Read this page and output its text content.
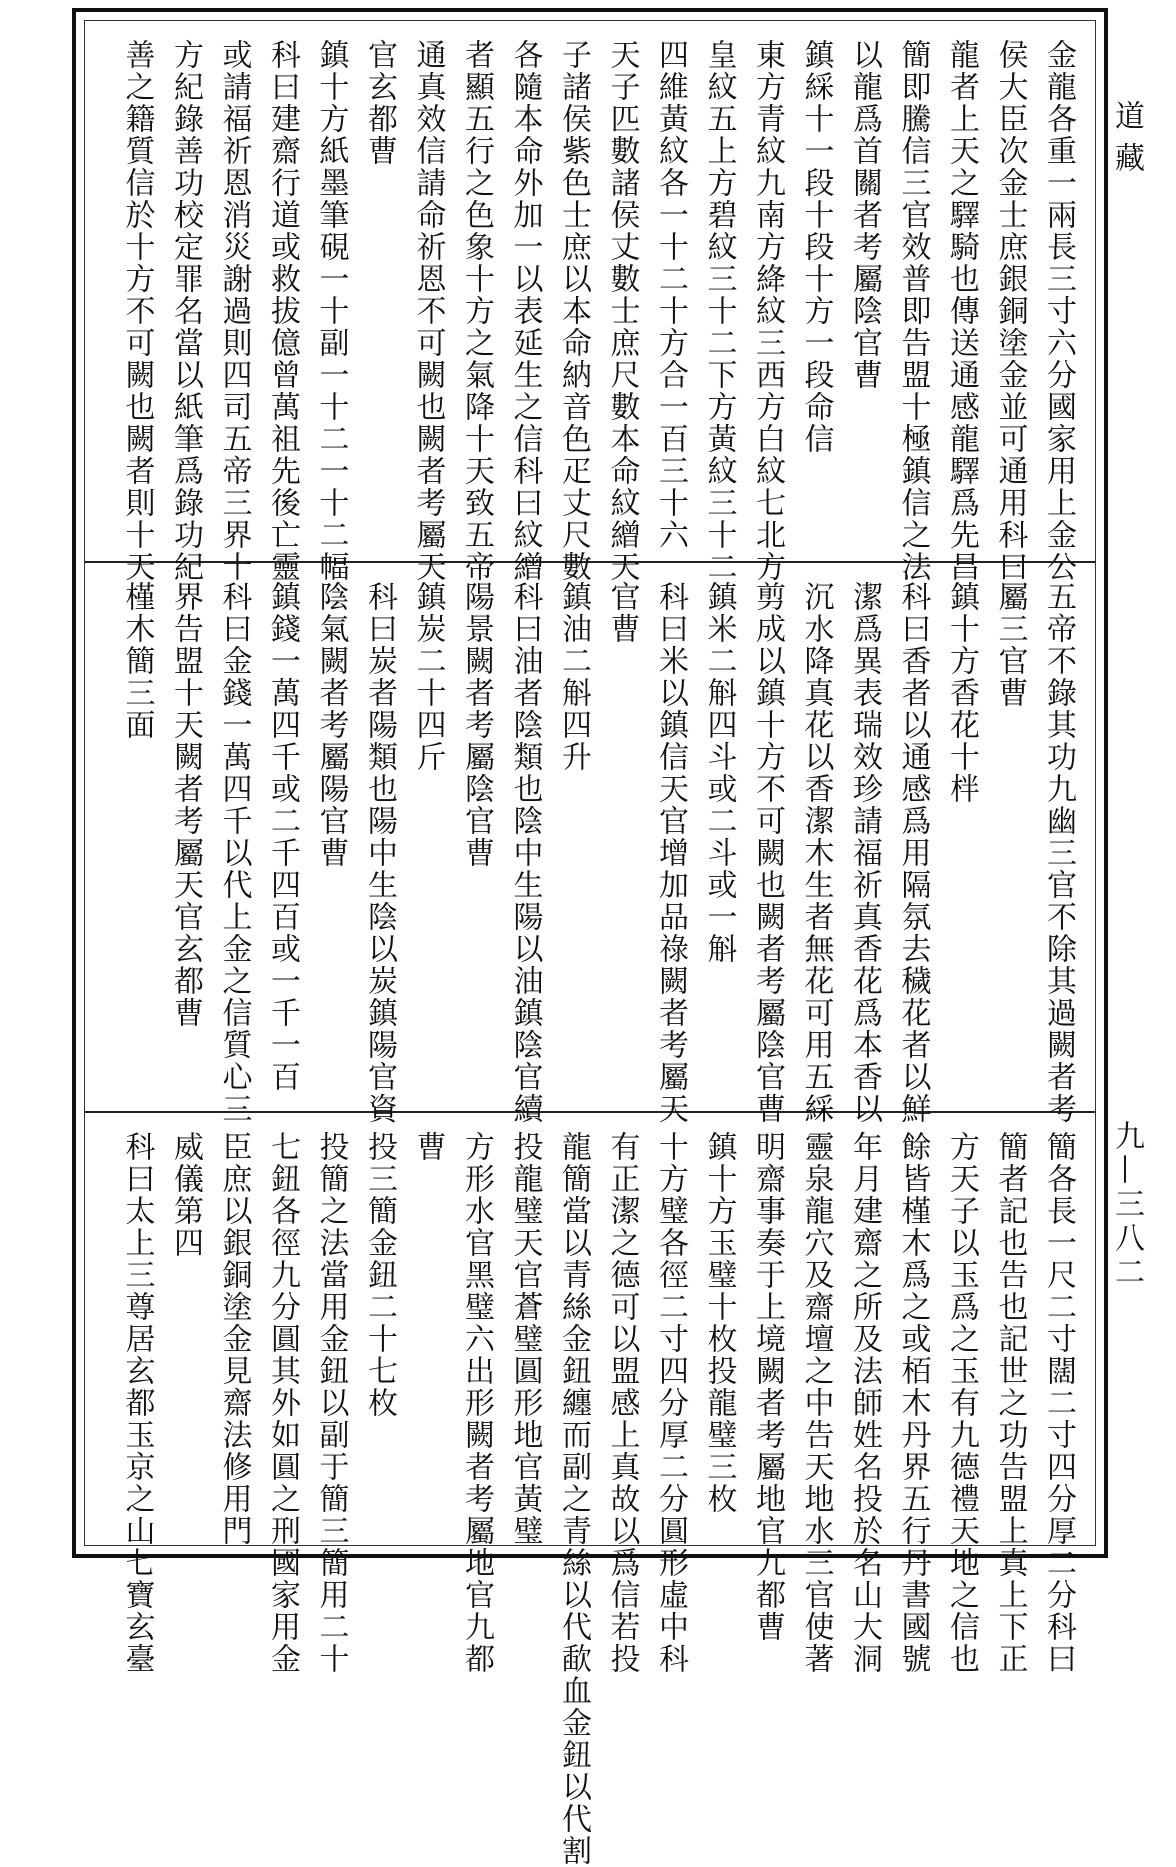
金龍各重一兩長三寸六分國家用上金公
侯大臣次金士庶銀銅塗金並可通用科曰
龍者上天之驛騎也傳送通感龍驛爲先昌
簡即騰信三官效普即告盟十極鎮信之法
以龍爲首關者考屬陰官曹
鎮綵十一段十段十方一段命信
東方青紋九南方絳紋三西方白紋七北方
皇紋五上方碧紋三十二下方黃紋三十二
四維黃紋各一十二十方合一百三十六
天子匹數諸侯丈數士庶尺數本命紋繒天
子諸侯紫色士庶以本命納音色疋丈尺數
各隨本命外加一以表延生之信科曰紋繒
者顯五行之色象十方之氣降十天致五帝
通真效信請命祈恩不可闕也闕者考屬天
官玄都曹
鎮十方紙墨筆硯一十副一十二一十二幅
科曰建齋行道或救拔億曾萬祖先後亡靈
或請福祈恩消災謝過則四司五帝三界十
方紀錄善功校定罪名當以紙筆爲錄功紀
善之籍質信於十方不可闕也闕者則十天
五帝不錄其功九幽三官不除其過闕者考
屬三官曹
鎮十方香花十柈
科曰香者以通感爲用隔氛去穢花者以鮮
潔爲異表瑞效珍請福祈真香花爲本香以
沉水降真花以香潔木生者無花可用五綵
剪成以鎮十方不可闕也闕者考屬陰官曹
鎮米二斛四斗或二斗或一斛
科曰米以鎮信天官增加品祿闕者考屬天
官曹
鎮油二斛四升
科曰油者陰類也陰中生陽以油鎮陰官續
陽景闕者考屬陰官曹
鎮炭二十四斤
科曰炭者陽類也陽中生陰以炭鎮陽官資
陰氣闕者考屬陽官曹
鎮錢一萬四千或二千四百或一千一百
科曰金錢一萬四千以代上金之信質心三
界告盟十天闕者考屬天官玄都曹
槿木簡三面
簡各長一尺二寸闊二寸四分厚二分科曰
簡者記也告也記世之功告盟上真上下正
方天子以玉爲之玉有九德禮天地之信也
餘皆槿木爲之或栢木丹界五行丹書國號
年月建齋之所及法師姓名投於名山大洞
靈泉龍穴及齋壇之中告天地水三官使著
明齋事奏于上境闕者考屬地官九都曹
鎮十方玉璧十枚投龍璧三枚
十方璧各徑二寸四分厚二分圓形虛中科
有正潔之德可以盟感上真故以爲信若投
龍簡當以青絲金鈕纏而副之青絲以代歃血金鈕以代割
投龍璧天官蒼璧圓形地官黃璧
方形水官黑璧六出形闕者考屬地官九都
曹
投三簡金鈕二十七枚
投簡之法當用金鈕以副于簡三簡用二十
七鈕各徑九分圓其外如圓之刑國家用金
臣庶以銀銅塗金見齋法修用門
威儀第四
科曰太上三尊居玄都玉京之山七寶玄臺
道藏
九—三八二
